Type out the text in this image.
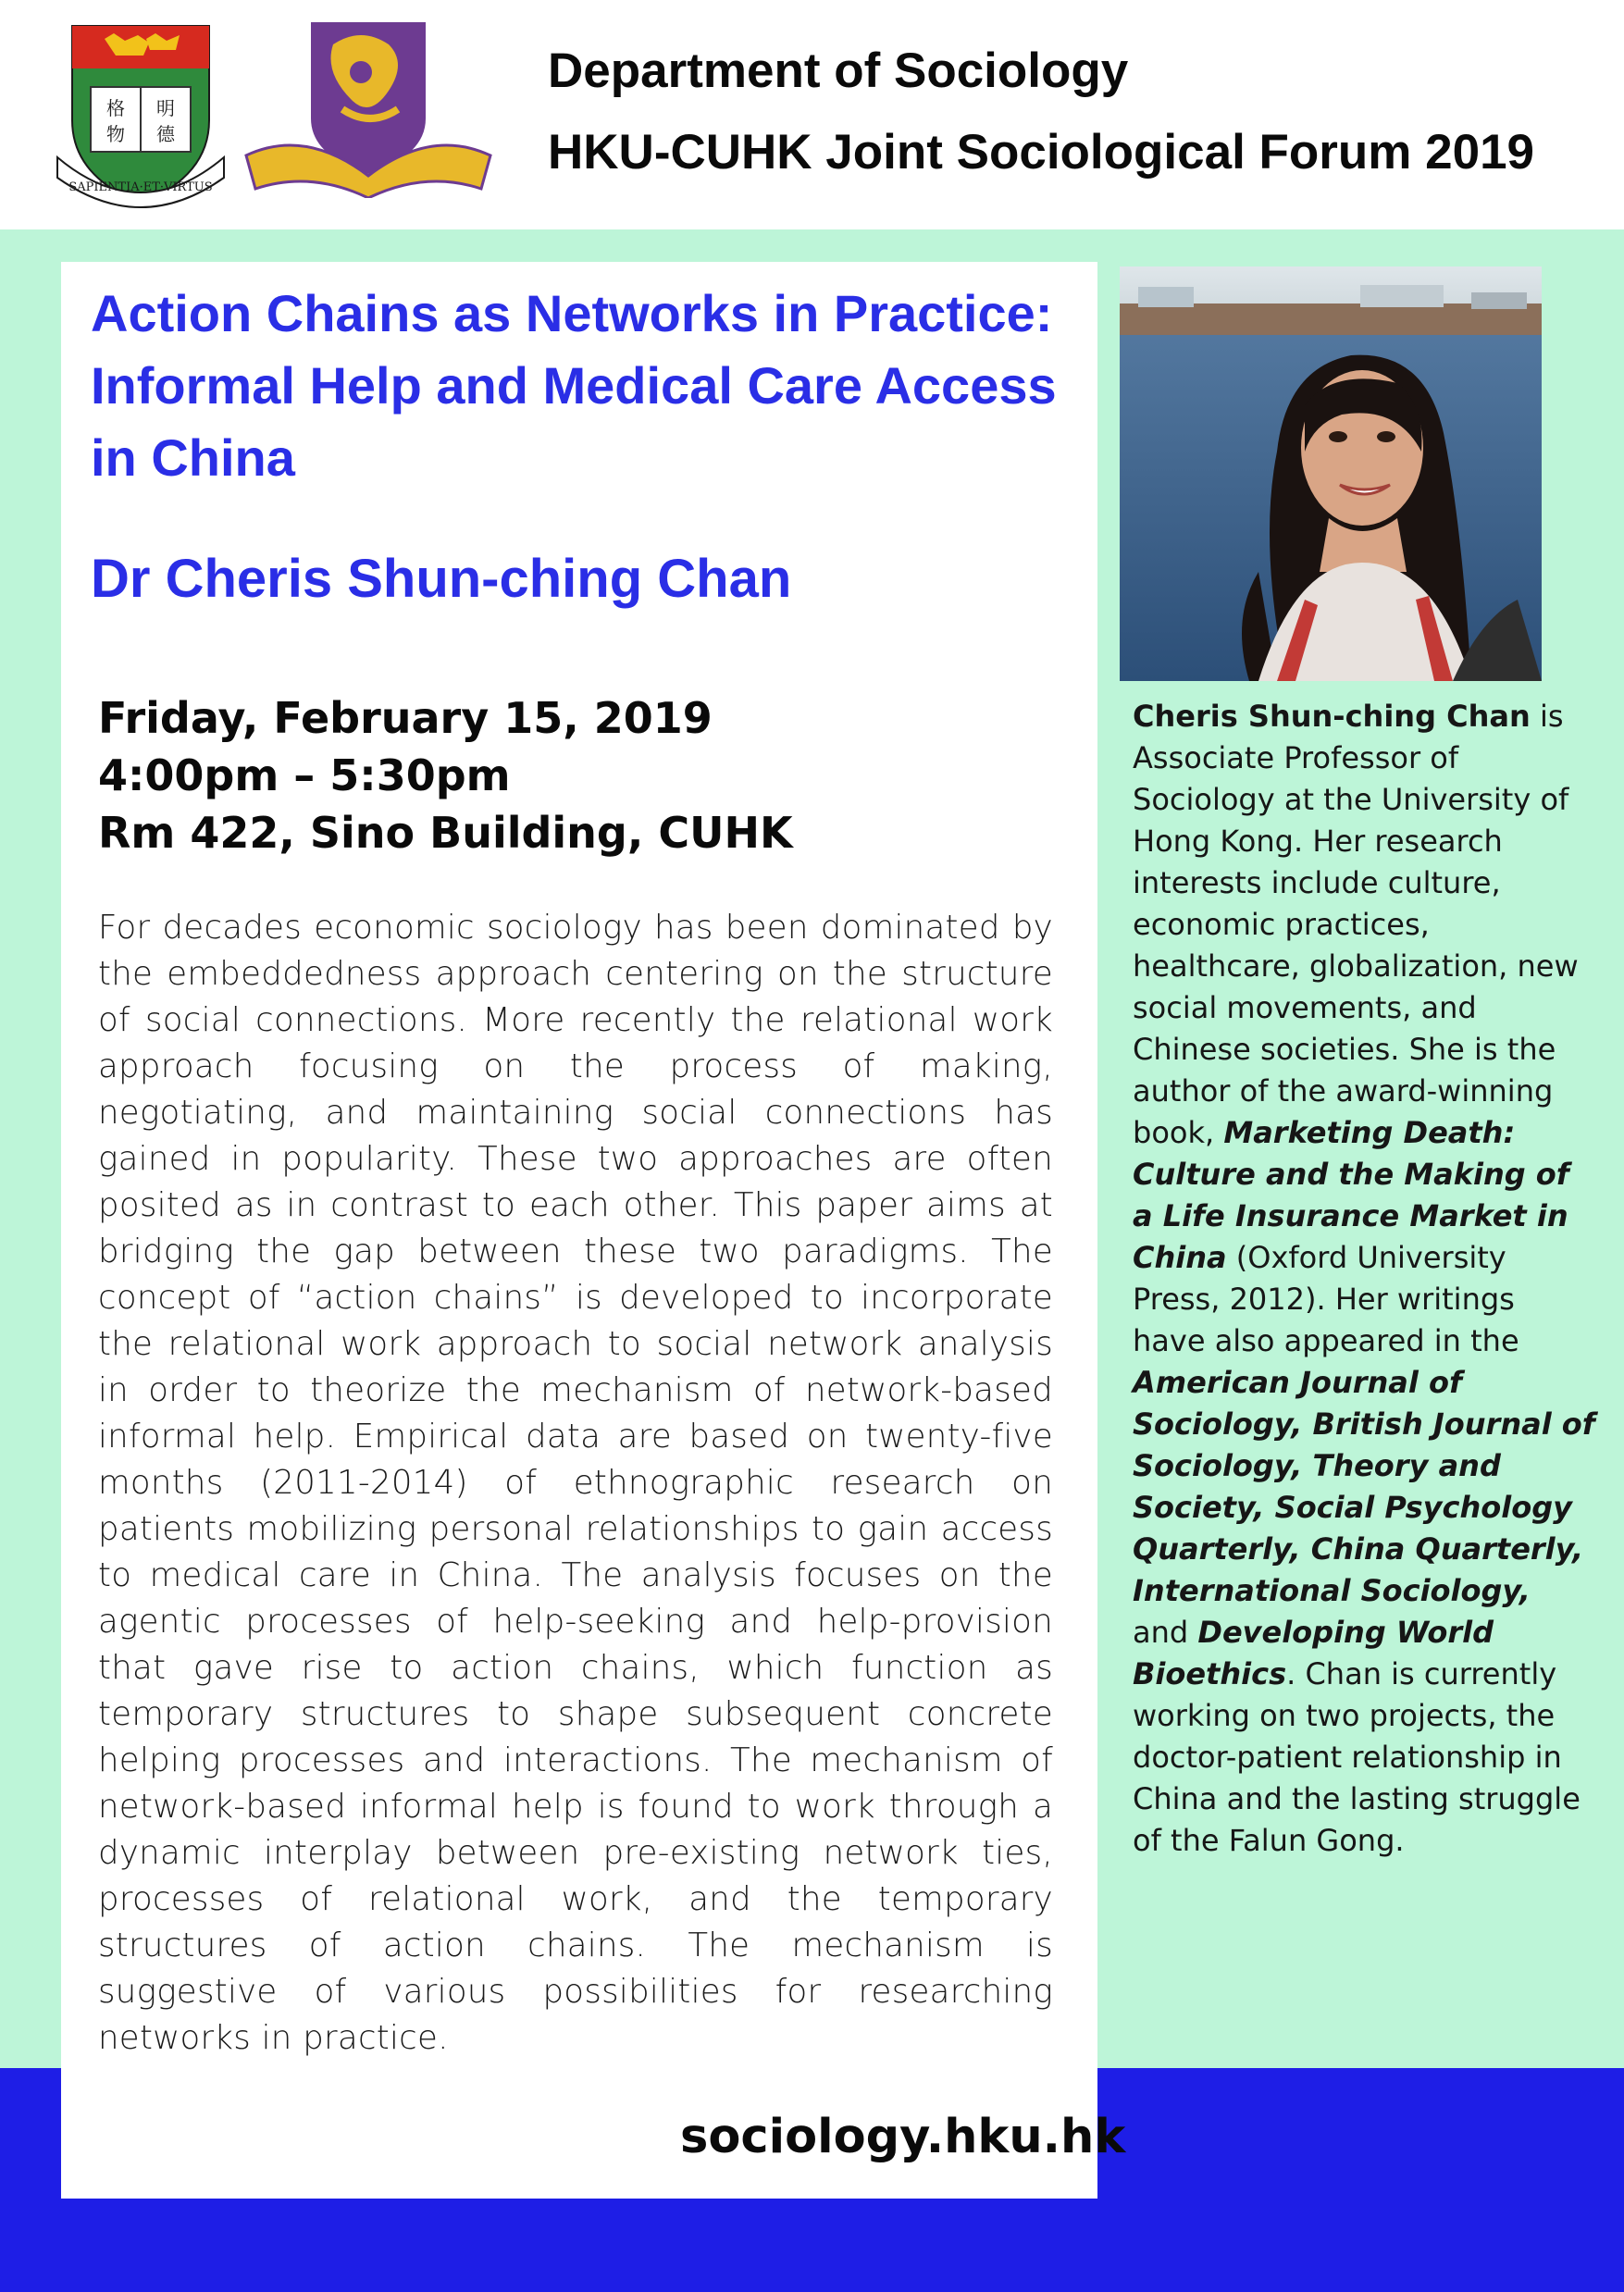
格 明
物 德
SAPIENTIA·ET·VIRTUS
Department of Sociology
HKU-CUHK Joint Sociological Forum 2019
Action Chains as Networks in Practice: Informal Help and Medical Care Access in China
Dr Cheris Shun-ching Chan
Friday, February 15, 2019
4:00pm – 5:30pm
Rm 422, Sino Building, CUHK

For decades economic sociology has been dominated by the embeddedness approach centering on the structure of social connections. More recently the relational work approach focusing on the process of making, negotiating, and maintaining social connections has gained in popularity. These two approaches are often posited as in contrast to each other. This paper aims at bridging the gap between these two paradigms. The concept of “action chains” is developed to incorporate the relational work approach to social network analysis in order to theorize the mechanism of network-based informal help. Empirical data are based on twenty-five months (2011-2014) of ethnographic research on patients mobilizing personal relationships to gain access to medical care in China. The analysis focuses on the agentic processes of help-seeking and help-provision that gave rise to action chains, which function as temporary structures to shape subsequent concrete helping processes and interactions. The mechanism of network-based informal help is found to work through a dynamic interplay between pre-existing network ties, processes of relational work, and the temporary structures of action chains. The mechanism is suggestive of various possibilities for researching networks in practice.

sociology.hku.hk

Cheris Shun-ching Chan is Associate Professor of Sociology at the University of Hong Kong. Her research interests include culture, economic practices, healthcare, globalization, new social movements, and Chinese societies. She is the author of the award-winning book, Marketing Death: Culture and the Making of a Life Insurance Market in China (Oxford University Press, 2012). Her writings have also appeared in the American Journal of Sociology, British Journal of Sociology, Theory and Society, Social Psychology Quarterly, China Quarterly, International Sociology, and Developing World Bioethics. Chan is currently working on two projects, the doctor-patient relationship in China and the lasting struggle of the Falun Gong.
